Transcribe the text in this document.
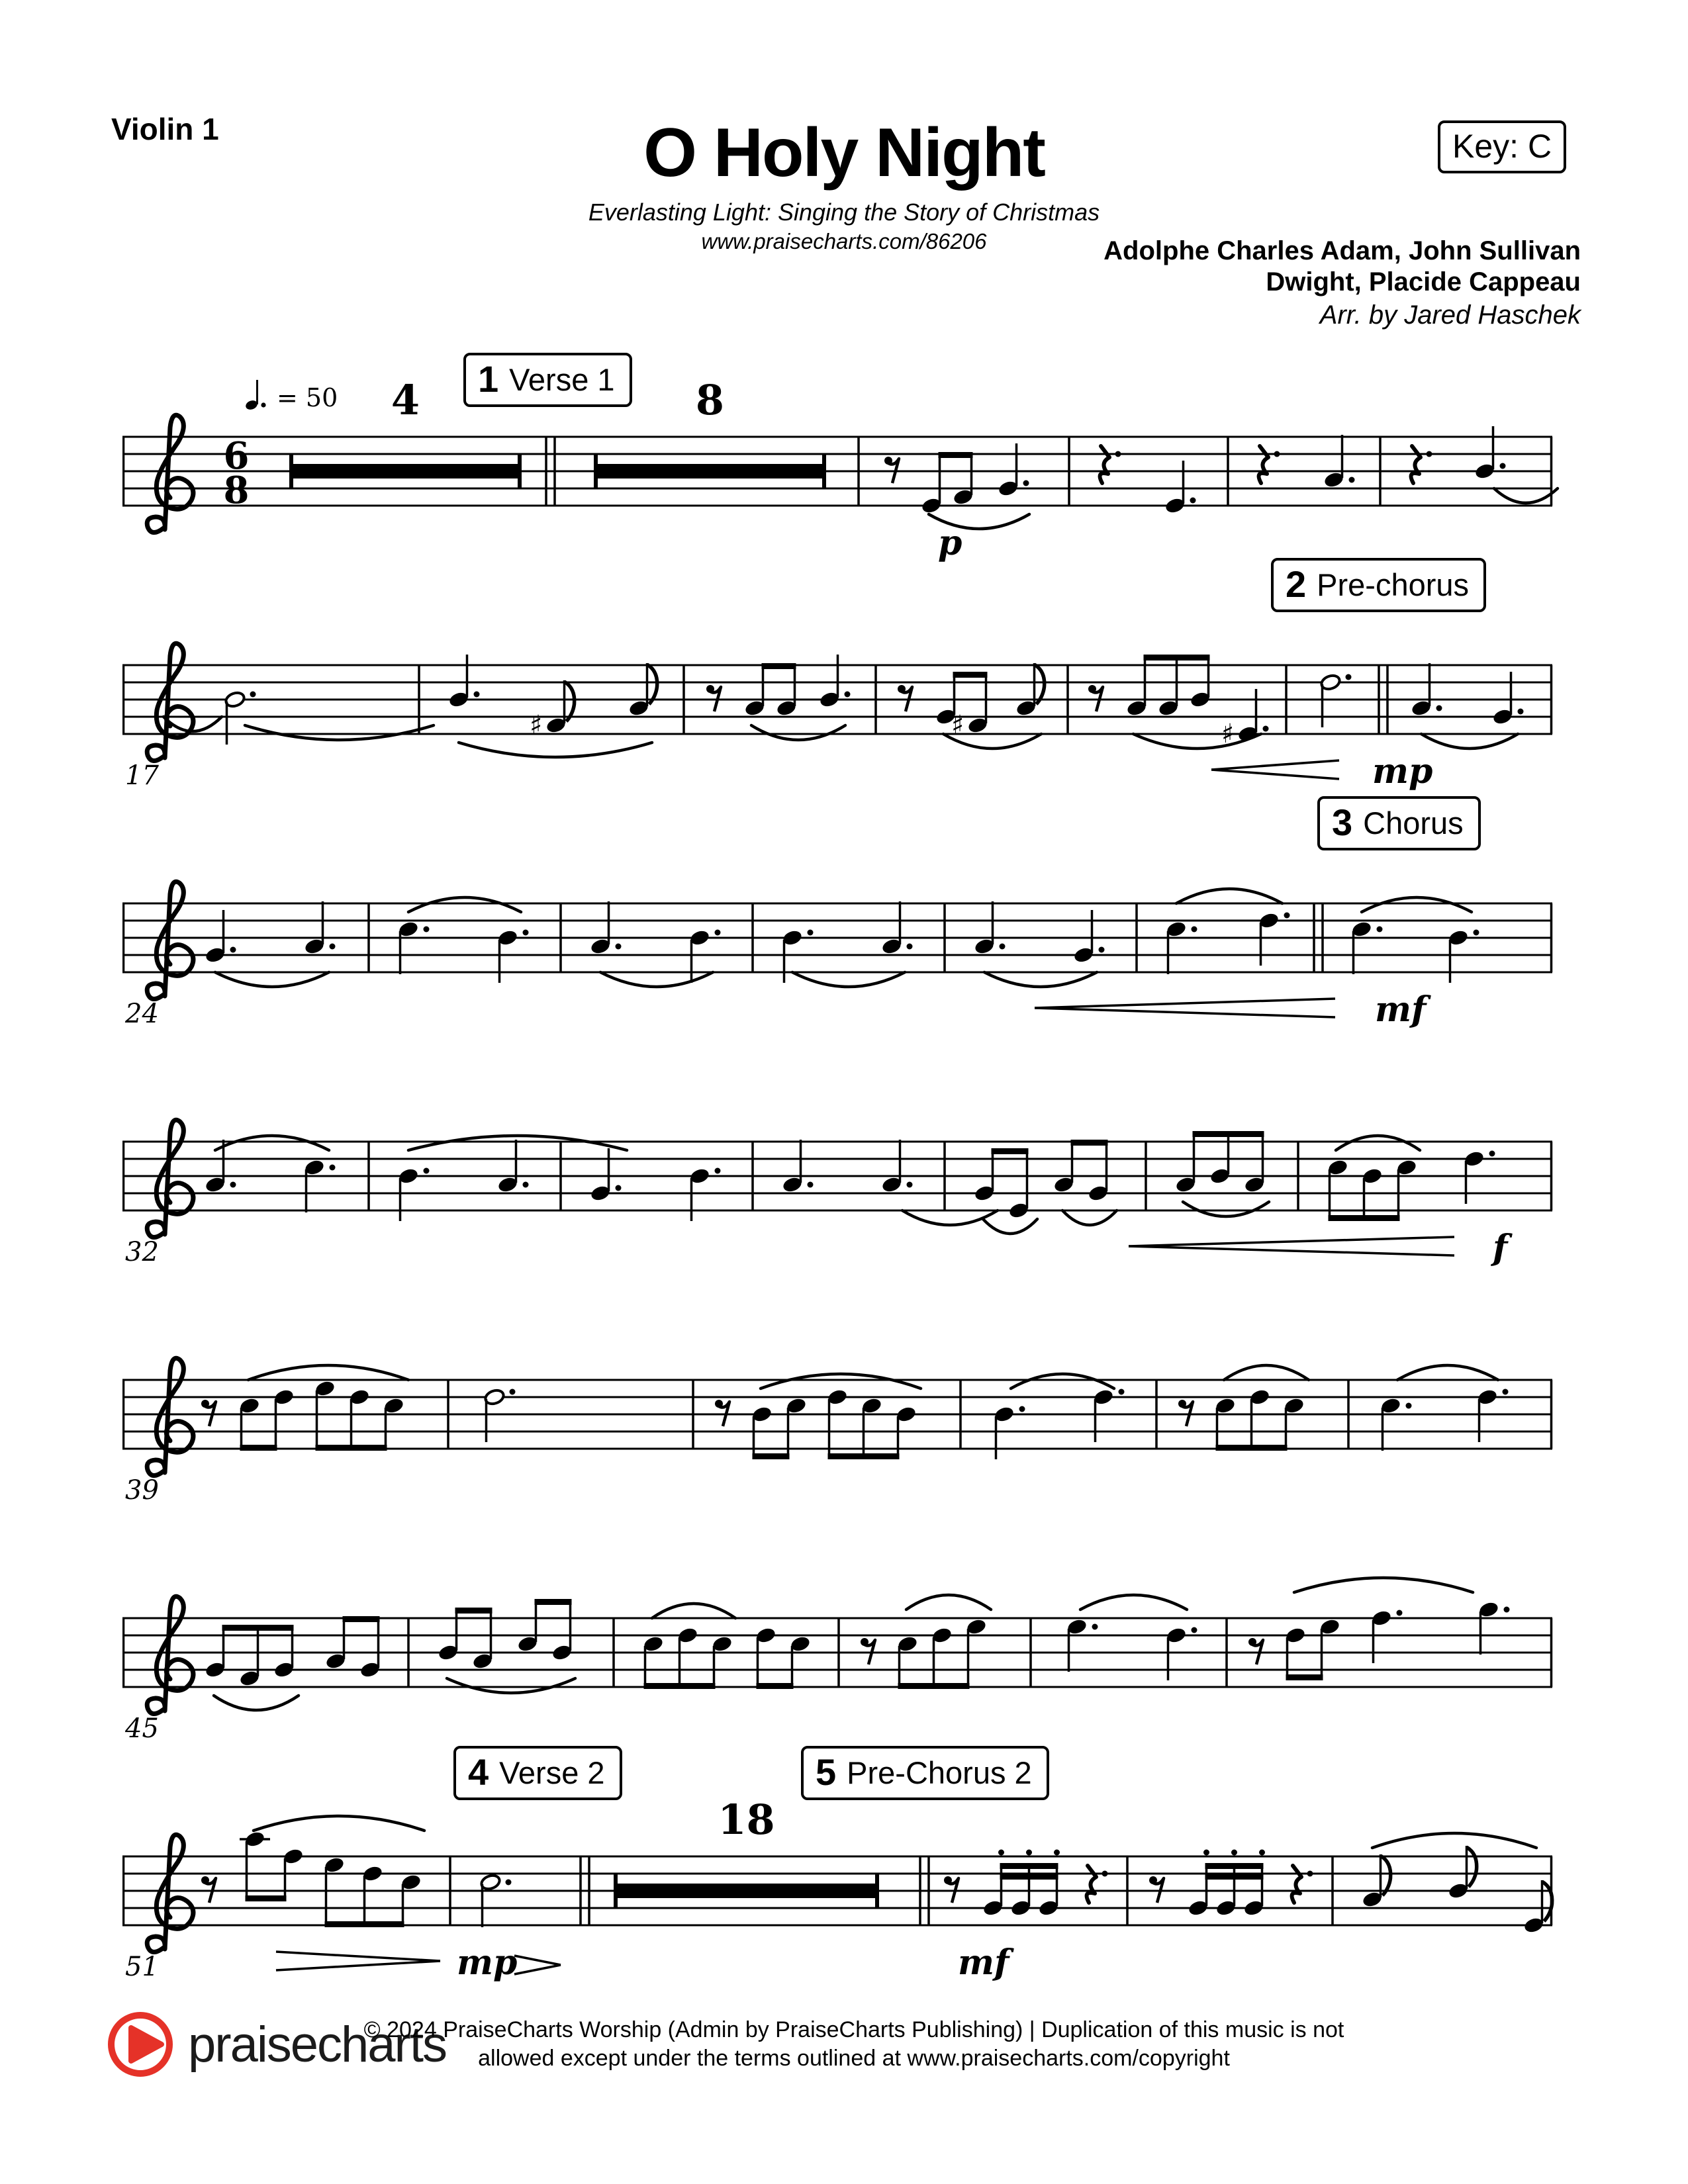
Violin 1	O Holy Night
Everlasting Light: Singing the Story of Christmas
www.praisecharts.com/86206
Key: C
Adolphe Charles Adam, John Sullivan
Dwight, Placide Cappeau
Arr. by Jared Haschek
= 50	1 Verse 1
2 Pre-chorus
3 Chorus
4 Verse 2	5 Pre-Chorus 2
6
8
4	8
p
♯	♯	♯
mp
17
mf
24
f
32
39
45
mp
18
mf
51
praisecharts
© 2024 PraiseCharts Worship (Admin by PraiseCharts Publishing) | Duplication of this music is not
allowed except under the terms outlined at www.praisecharts.com/copyright
